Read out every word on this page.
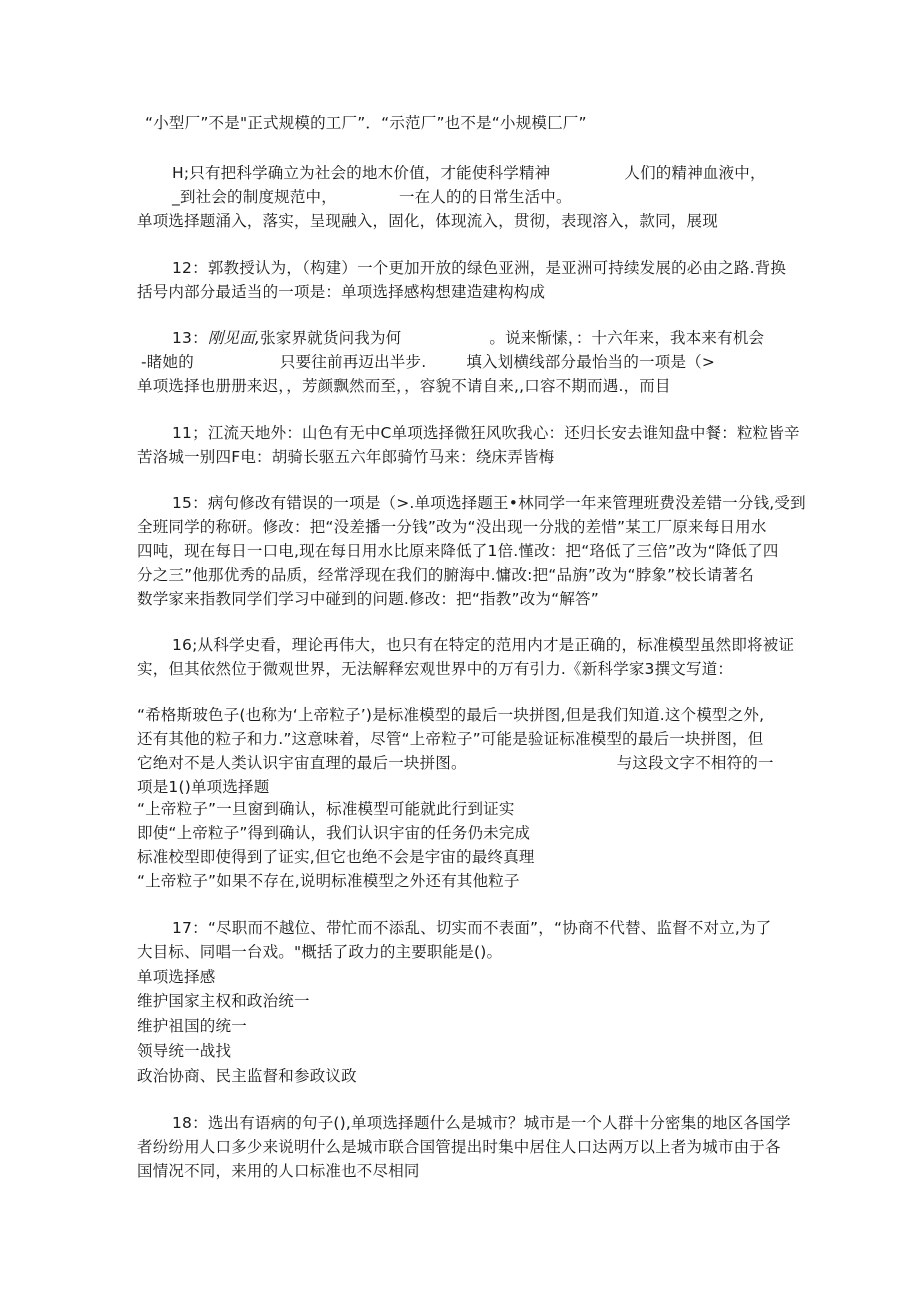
“小型厂”不是"正式规模的工厂”．“示范厂”也不是“小规模匚厂”
H;只有把科学确立为社会的地木价值，才能使科学精神	人们的精神血液中，
_到社会的制度规范中，	一在人的的日常生活中。
单项选择题涌入，落实，呈现融入，固化，体现流入，贯彻，表现溶入，款同，展现
12：郭教授认为，（构建）一个更加开放的绿色亚洲，是亚洲可持续发展的必由之路.背换
括号内部分最适当的一项是：单项选择感构想建造建构构成
13：刚见面,张家界就货问我为何	。说来惭愫，：十六年来，我本来有机会
-睹她的	只要往前再迈出半步.	填入划横线部分最怡当的一项是（>
单项选择也册册来迟，，芳颜飘然而至，，容貌不请自来,,口容不期而遇.，而目
11；江流天地外：山色有无中C单项选择微狂风吹我心：还归长安去谁知盘中餐：粒粒皆辛
苦洛城一别四F电：胡骑长驱五六年郎骑竹马来：绕床弄皆梅
15：病句修改有错误的一项是（>.单项选择题王•林同学一年来管理班费没差错一分钱,受到
全班同学的称研。修改：把“没差播一分钱”改为“没出现一分戕的差惜”某工厂原来每日用水
四吨，现在每日一口电,现在每日用水比原来降低了1倍.慬改：把“珞低了三倍”改为“降低了四
分之三”他那优秀的品质，经常浮现在我们的腑海中.慵改:把“品旃”改为“脖象”校长请著名
数学家来指教同学们学习中碰到的问题.修改：把“指教”改为“解答”
16;从科学史看，理论再伟大，也只有在特定的范用内才是正确的，标准模型虽然即将被证
实，但其依然位于微观世界，无法解释宏观世界中的万有引力.《新科学家3撰文写道：
“希格斯玻色子(也称为‘上帝粒子’)是标准模型的最后一块拼图,但是我们知道.这个模型之外,
还有其他的粒子和力.”这意味着，尽管“上帝粒子”可能是验证标准模型的最后一块拼图，但
它绝对不是人类认识宇宙直理的最后一块拼图。	与这段文字不相符的一
项是1()单项选择题
“上帝粒子”一旦窗到确认，标准模型可能就此行到证实
即使“上帝粒子”得到确认，我们认识宇宙的任务仍未完成
标准校型即使得到了证实,但它也绝不会是宇宙的最终真理
“上帝粒子”如果不存在,说明标准模型之外还有其他粒子
17：“尽职而不越位、带忙而不添乱、切实而不表面”，“协商不代替、监督不对立,为了
大目标、同唱一台戏。"概括了政力的主要职能是()。
单项选择感
维护国家主权和政治统一
维护祖国的统一
领导统一战找
政治协商、民主监督和参政议政
18：选出有语病的句子(),单项选择题什么是城市？城市是一个人群十分密集的地区各国学
者纷纷用人口多少来说明什么是城市联合国管提出时集中居住人口达两万以上者为城市由于各
国情况不同，来用的人口标准也不尽相同
